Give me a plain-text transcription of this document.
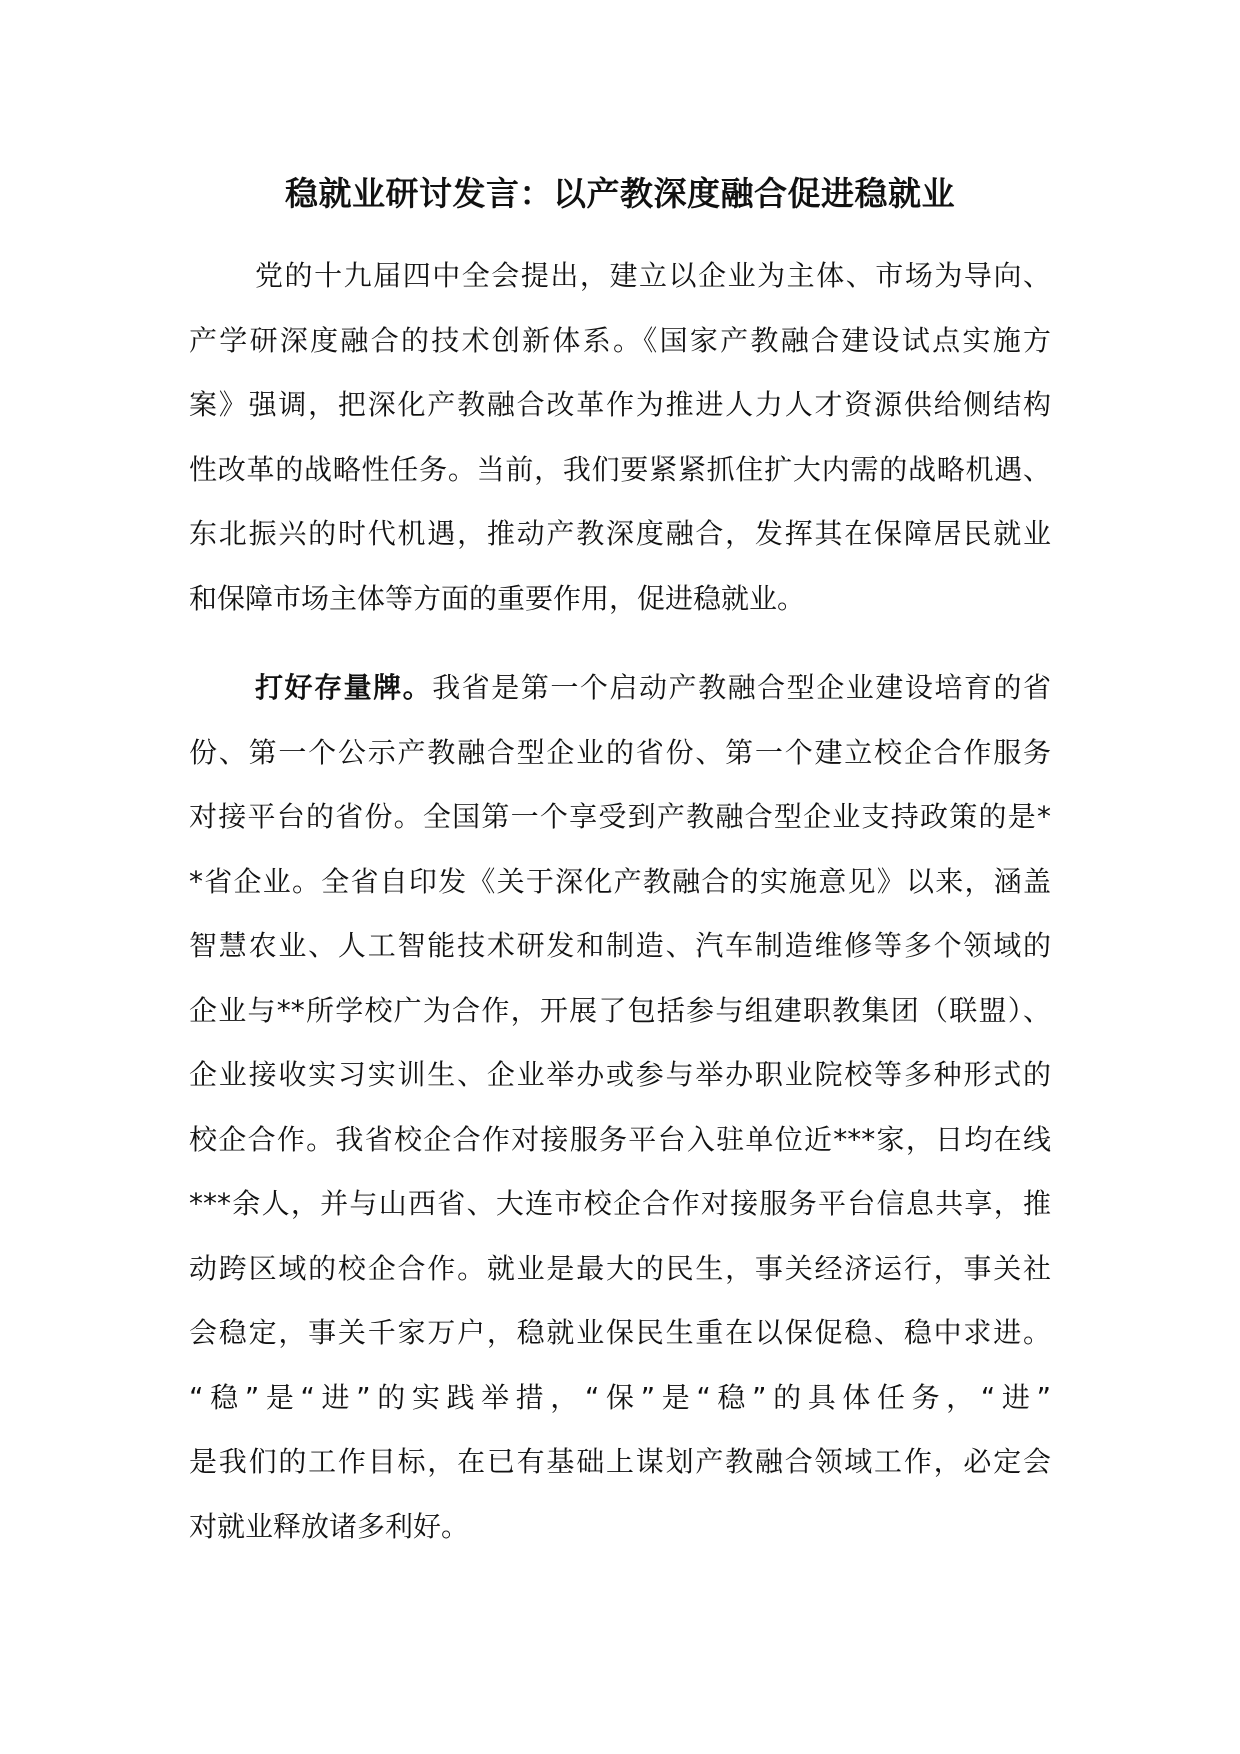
稳就业研讨发言：以产教深度融合促进稳就业
党的十九届四中全会提出，建立以企业为主体、市场为导向、
产学研深度融合的技术创新体系。《国家产教融合建设试点实施方
案》强调，把深化产教融合改革作为推进人力人才资源供给侧结构
性改革的战略性任务。当前，我们要紧紧抓住扩大内需的战略机遇、
东北振兴的时代机遇，推动产教深度融合，发挥其在保障居民就业
和保障市场主体等方面的重要作用，促进稳就业。
打好存量牌。我省是第一个启动产教融合型企业建设培育的省
份、第一个公示产教融合型企业的省份、第一个建立校企合作服务
对接平台的省份。全国第一个享受到产教融合型企业支持政策的是*
*省企业。全省自印发《关于深化产教融合的实施意见》以来，涵盖
智慧农业、人工智能技术研发和制造、汽车制造维修等多个领域的
企业与**所学校广为合作，开展了包括参与组建职教集团（联盟）、
企业接收实习实训生、企业举办或参与举办职业院校等多种形式的
校企合作。我省校企合作对接服务平台入驻单位近***家，日均在线
***余人，并与山西省、大连市校企合作对接服务平台信息共享，推
动跨区域的校企合作。就业是最大的民生，事关经济运行，事关社
会稳定，事关千家万户，稳就业保民生重在以保促稳、稳中求进。
“稳”是“进”的实践举措，“保”是“稳”的具体任务，“进”
是我们的工作目标，在已有基础上谋划产教融合领域工作，必定会
对就业释放诸多利好。
